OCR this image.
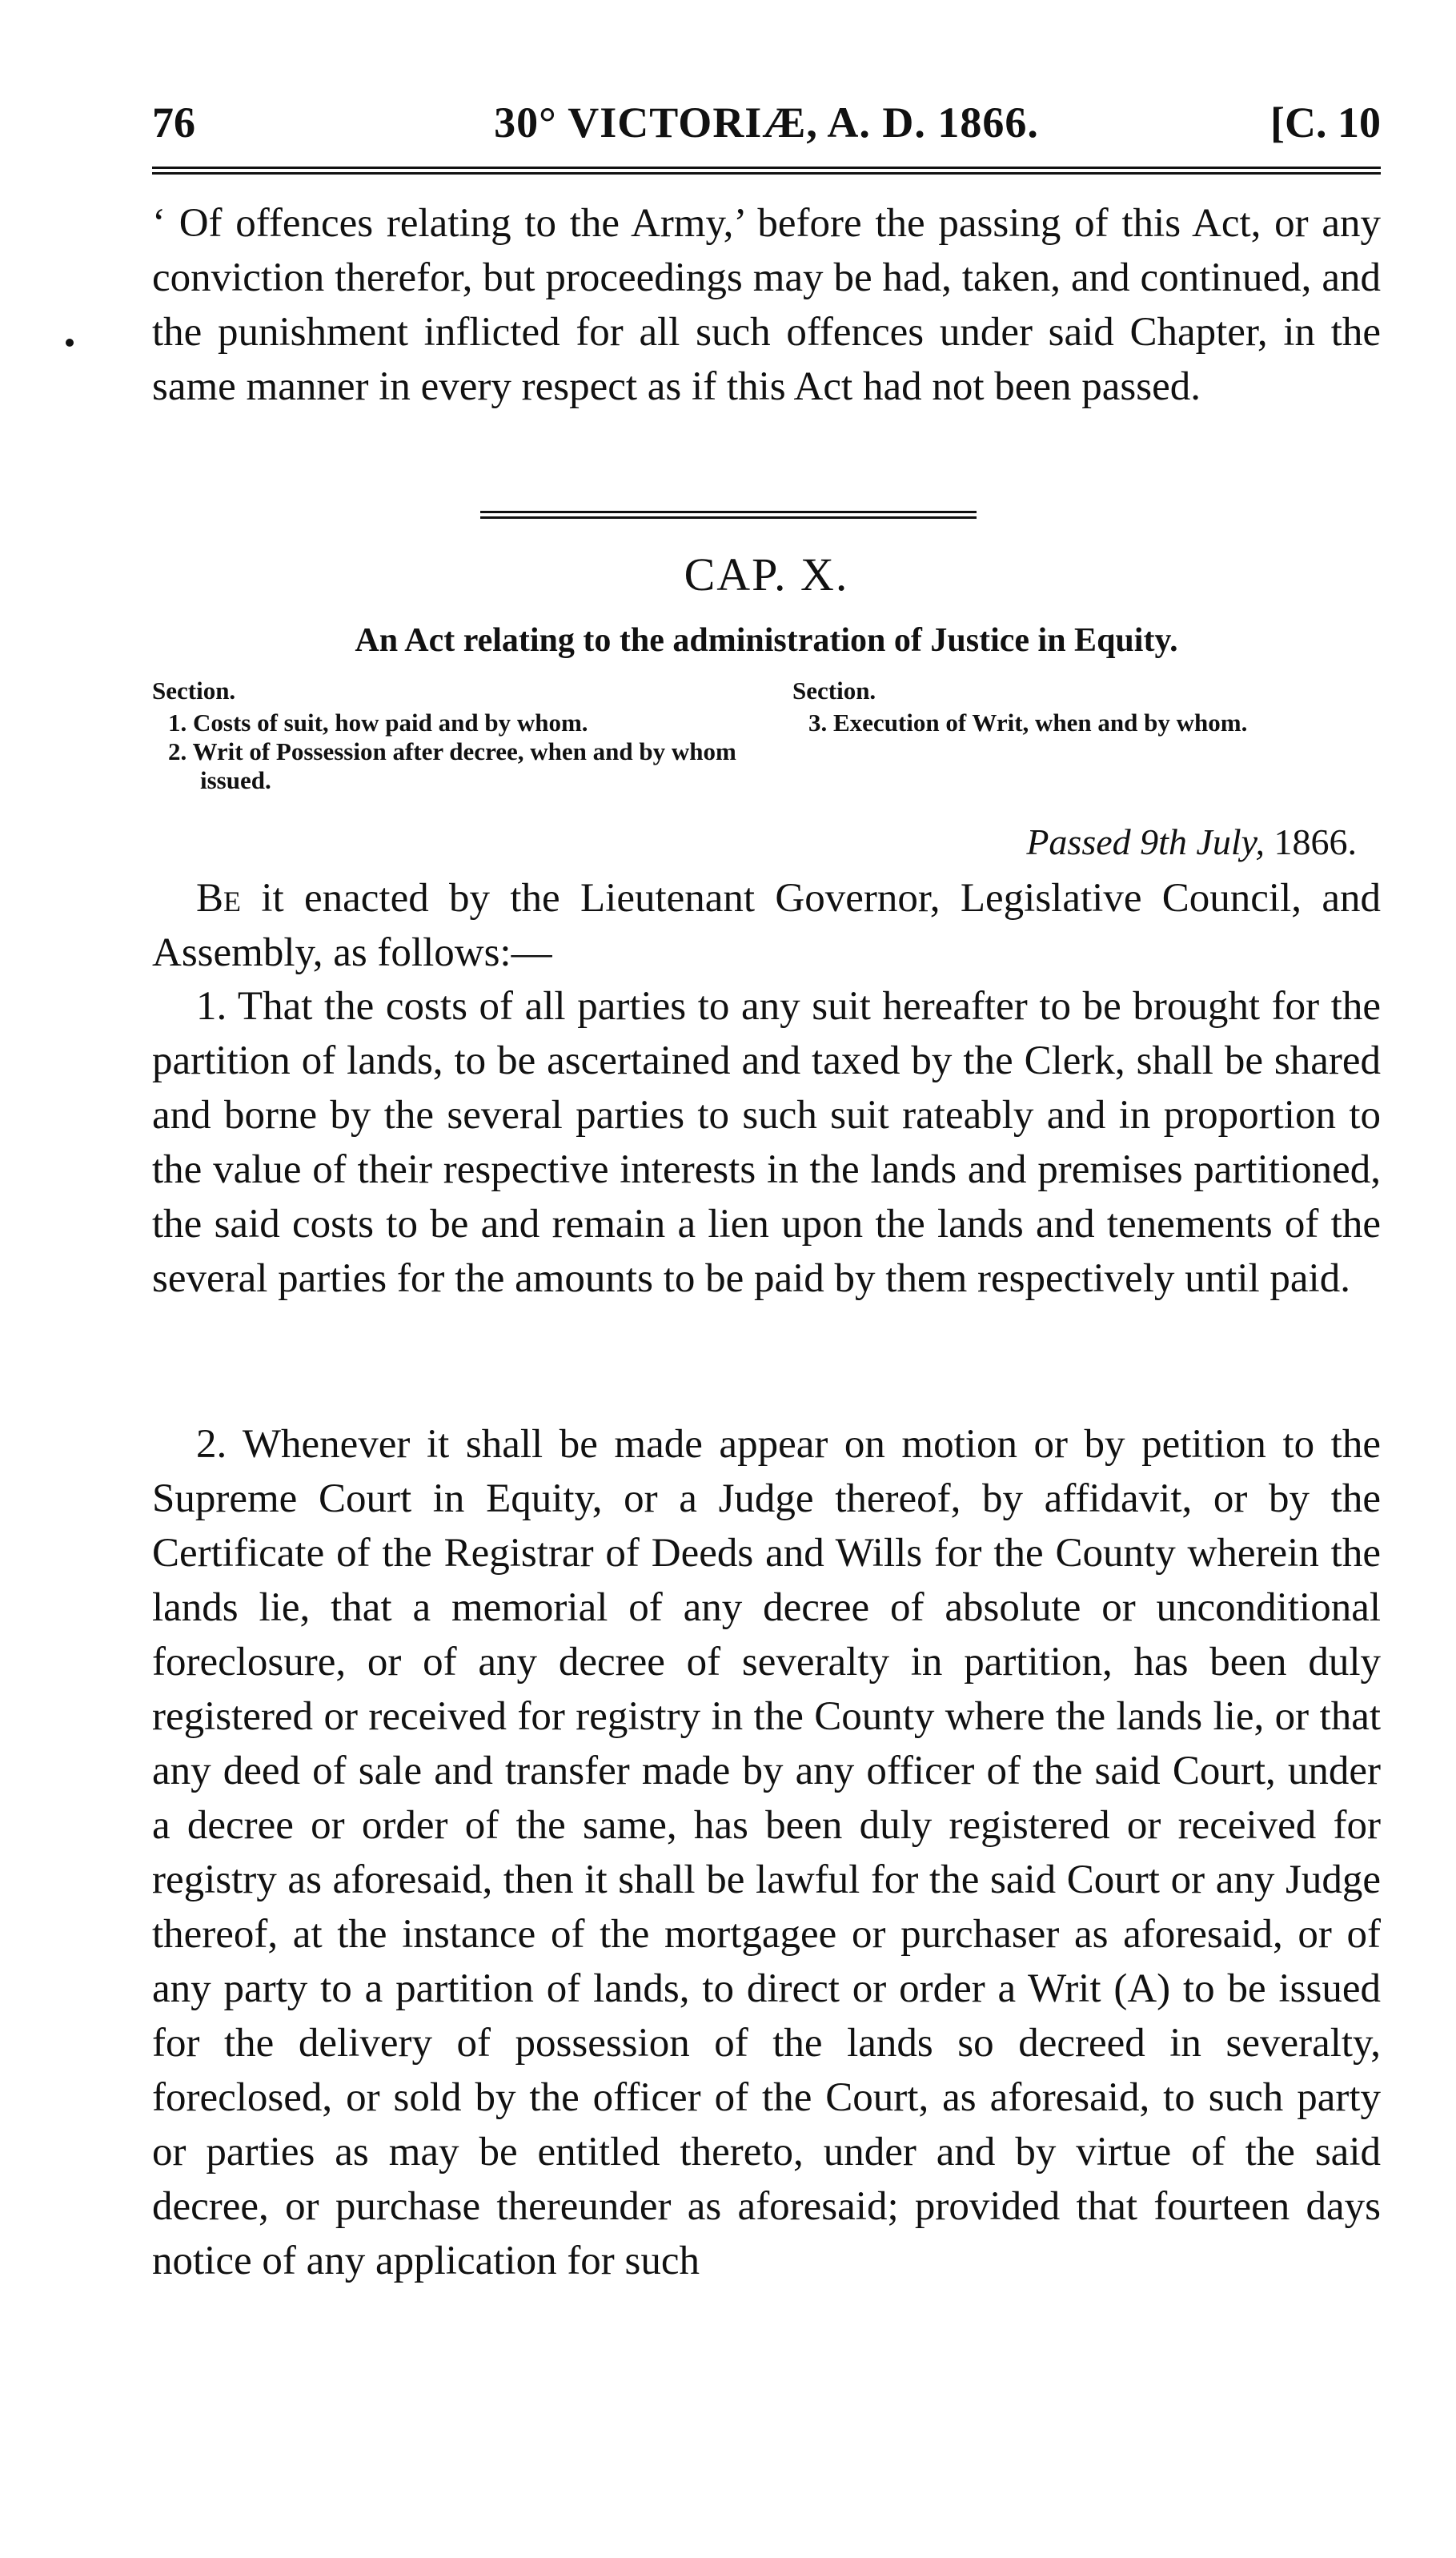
76	30° VICTORIÆ, A. D. 1866.	[C. 10

‘ Of offences relating to the Army,’ before the passing of this Act, or any conviction therefor, but proceedings may be had, taken, and continued, and the punishment inflicted for all such offences under said Chapter, in the same manner in every respect as if this Act had not been passed.

CAP. X.
An Act relating to the administration of Justice in Equity.
Section.
1. Costs of suit, how paid and by whom.
2. Writ of Possession after decree, when and by whom issued.
Section.
3. Execution of Writ, when and by whom.
Passed 9th July, 1866.

Be it enacted by the Lieutenant Governor, Legislative Council, and Assembly, as follows:—

1. That the costs of all parties to any suit hereafter to be brought for the partition of lands, to be ascertained and taxed by the Clerk, shall be shared and borne by the several parties to such suit rateably and in proportion to the value of their respective interests in the lands and premises partitioned, the said costs to be and remain a lien upon the lands and tenements of the several parties for the amounts to be paid by them respectively until paid.

2. Whenever it shall be made appear on motion or by petition to the Supreme Court in Equity, or a Judge thereof, by affidavit, or by the Certificate of the Registrar of Deeds and Wills for the County wherein the lands lie, that a memorial of any decree of absolute or unconditional foreclosure, or of any decree of severalty in partition, has been duly registered or received for registry in the County where the lands lie, or that any deed of sale and transfer made by any officer of the said Court, under a decree or order of the same, has been duly registered or received for registry as aforesaid, then it shall be lawful for the said Court or any Judge thereof, at the instance of the mortgagee or purchaser as aforesaid, or of any party to a partition of lands, to direct or order a Writ (A) to be issued for the delivery of possession of the lands so decreed in severalty, foreclosed, or sold by the officer of the Court, as aforesaid, to such party or parties as may be entitled thereto, under and by virtue of the said decree, or purchase thereunder as aforesaid; provided that fourteen days notice of any application for such
